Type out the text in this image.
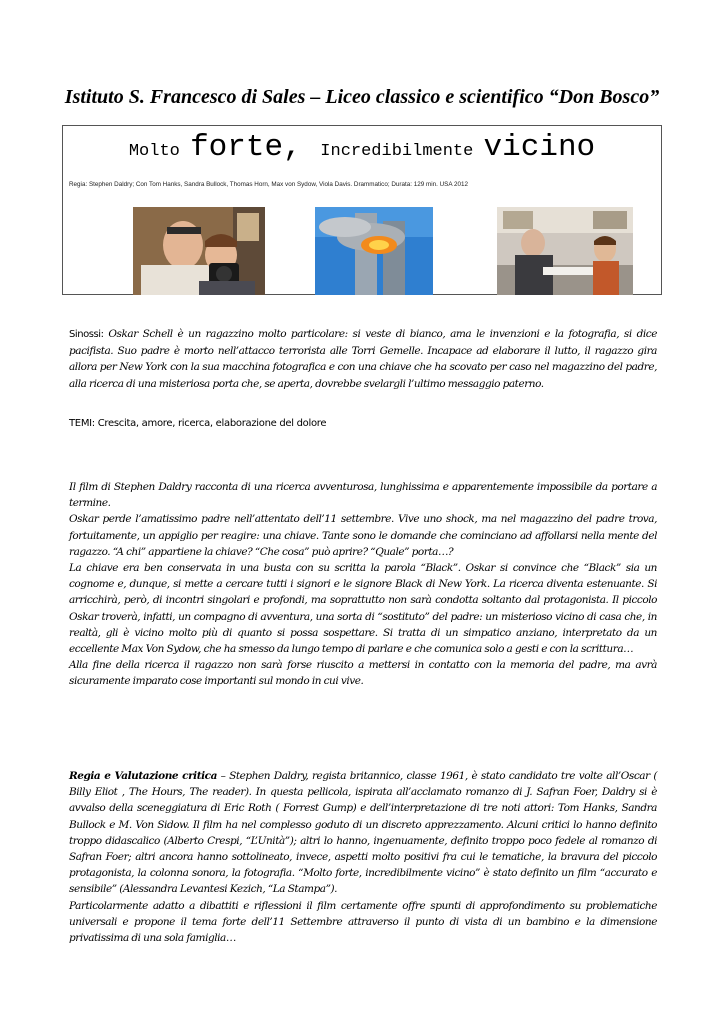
Istituto S. Francesco di Sales – Liceo classico e scientifico “Don Bosco”
Molto forte, Incredibilmente vicino
Regia: Stephen Daldry; Con Tom Hanks, Sandra Bullock, Thomas Horn, Max von Sydow, Viola Davis. Drammatico; Durata: 129 min. USA 2012
Sinossi: Oskar Schell è un ragazzino molto particolare: si veste di bianco, ama le invenzioni e la fotografia, si dice pacifista. Suo padre è morto nell’attacco terrorista alle Torri Gemelle. Incapace ad elaborare il lutto, il ragazzo gira allora per New York con la sua macchina fotografica e con una chiave che ha scovato per caso nel magazzino del padre, alla ricerca di una misteriosa porta che, se aperta, dovrebbe svelargli l’ultimo messaggio paterno.
TEMI: Crescita, amore, ricerca, elaborazione del dolore

Il film di Stephen Daldry racconta di una ricerca avventurosa, lunghissima e apparentemente impossibile da portare a termine.

Oskar perde l’amatissimo padre nell’attentato dell’11 settembre. Vive uno shock, ma nel magazzino del padre trova, fortuitamente, un appiglio per reagire: una chiave. Tante sono le domande che cominciano ad affollarsi nella mente del ragazzo. “A chi” appartiene la chiave? “Che cosa” può aprire? “Quale” porta…?

La chiave era ben conservata in una busta con su scritta la parola “Black”. Oskar si convince che “Black” sia un cognome e, dunque, si mette a cercare tutti i signori e le signore Black di New York. La ricerca diventa estenuante. Si arricchirà, però, di incontri singolari e profondi, ma soprattutto non sarà condotta soltanto dal protagonista. Il piccolo Oskar troverà, infatti, un compagno di avventura, una sorta di “sostituto” del padre: un misterioso vicino di casa che, in realtà, gli è vicino molto più di quanto si possa sospettare. Si tratta di un simpatico anziano, interpretato da un eccellente Max Von Sydow, che ha smesso da lungo tempo di parlare e che comunica solo a gesti e con la scrittura…

Alla fine della ricerca il ragazzo non sarà forse riuscito a mettersi in contatto con la memoria del padre, ma avrà sicuramente imparato cose importanti sul mondo in cui vive.

Regia e Valutazione critica – Stephen Daldry, regista britannico, classe 1961, è stato candidato tre volte all’Oscar ( Billy Eliot , The Hours, The reader). In questa pellicola, ispirata all’acclamato romanzo di J. Safran Foer, Daldry si è avvalso della sceneggiatura di Eric Roth ( Forrest Gump) e dell’interpretazione di tre noti attori: Tom Hanks, Sandra Bullock e M. Von Sidow. Il film ha nel complesso goduto di un discreto apprezzamento. Alcuni critici lo hanno definito troppo didascalico (Alberto Crespi, “L’Unità”); altri lo hanno, ingenuamente, definito troppo poco fedele al romanzo di Safran Foer; altri ancora hanno sottolineato, invece, aspetti molto positivi fra cui le tematiche, la bravura del piccolo protagonista, la colonna sonora, la fotografia. “Molto forte, incredibilmente vicino” è stato definito un film “accurato e sensibile” (Alessandra Levantesi Kezich, “La Stampa”).

Particolarmente adatto a dibattiti e riflessioni il film certamente offre spunti di approfondimento su problematiche universali e propone il tema forte dell’11 Settembre attraverso il punto di vista di un bambino e la dimensione privatissima di una sola famiglia…
